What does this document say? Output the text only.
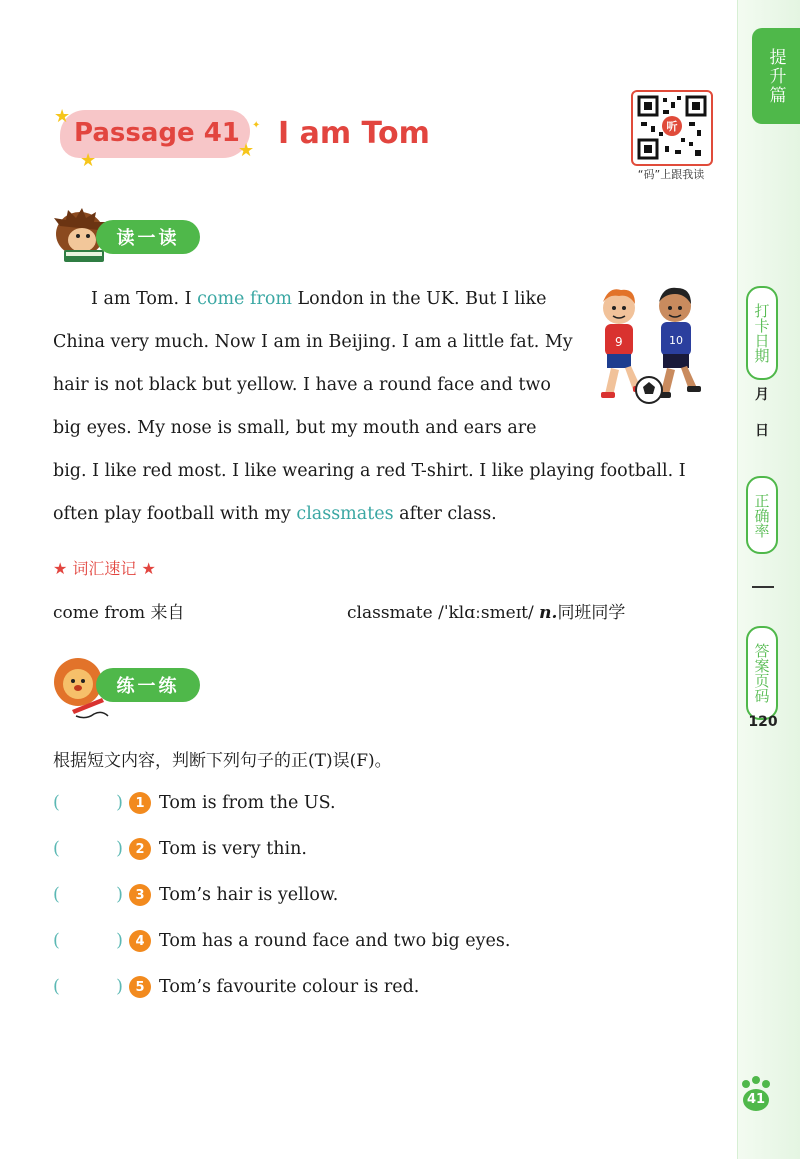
提升篇
打卡日期
月
日
正确率
答案页码
120
★
★	★
✦
Passage 41 I am Tom	听
“码”上跟我读
读一读
9	10

I am Tom. I come from London in the UK. But I like China very much. Now I am in Beijing. I am a little fat. My hair is not black but yellow. I have a round face and two big eyes. My nose is small, but my mouth and ears are big. I like red most. I like wearing a red T-shirt. I like playing football. I often play football with my classmates after class.

★ 词汇速记 ★
come from 来自	classmate /ˈklɑːsmeɪt/ n.同班同学
练一练
根据短文内容，判断下列句子的正(T)误(F)。
(	) 1 Tom is from the US.
(	) 2 Tom is very thin.
(	) 3 Tom’s hair is yellow.
(	) 4 Tom has a round face and two big eyes.
(	) 5 Tom’s favourite colour is red.
41
